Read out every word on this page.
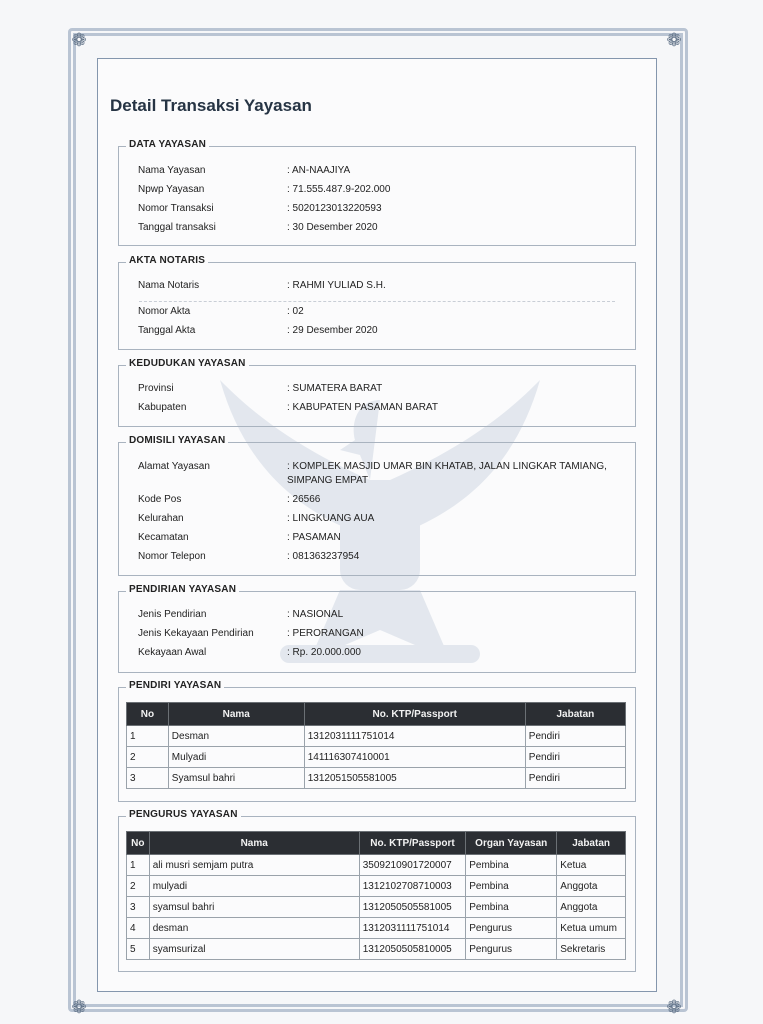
❁	❁
❁	❁
Detail Transaksi Yayasan
DATA YAYASAN
Nama Yayasan	: AN-NAAJIYA
Npwp Yayasan	: 71.555.487.9-202.000
Nomor Transaksi	: 5020123013220593
Tanggal transaksi	: 30 Desember 2020
AKTA NOTARIS
Nama Notaris	: RAHMI YULIAD S.H.
Nomor Akta	: 02
Tanggal Akta	: 29 Desember 2020
KEDUDUKAN YAYASAN
Provinsi	: SUMATERA BARAT
Kabupaten	: KABUPATEN PASAMAN BARAT
DOMISILI YAYASAN
Alamat Yayasan	: KOMPLEK MASJID UMAR BIN KHATAB, JALAN LINGKAR TAMIANG, SIMPANG EMPAT
Kode Pos	: 26566
Kelurahan	: LINGKUANG AUA
Kecamatan	: PASAMAN
Nomor Telepon	: 081363237954
PENDIRIAN YAYASAN
Jenis Pendirian	: NASIONAL
Jenis Kekayaan Pendirian	: PERORANGAN
Kekayaan Awal	: Rp. 20.000.000
PENDIRI YAYASAN
No	Nama	No. KTP/Passport	Jabatan
1	Desman	1312031111751014	Pendiri
2	Mulyadi	141116307410001	Pendiri
3	Syamsul bahri	1312051505581005	Pendiri
PENGURUS YAYASAN
No	Nama	No. KTP/Passport	Organ Yayasan	Jabatan
1	ali musri semjam putra	3509210901720007	Pembina	Ketua
2	mulyadi	1312102708710003	Pembina	Anggota
3	syamsul bahri	1312050505581005	Pembina	Anggota
4	desman	1312031111751014	Pengurus	Ketua umum
5	syamsurizal	1312050505810005	Pengurus	Sekretaris
